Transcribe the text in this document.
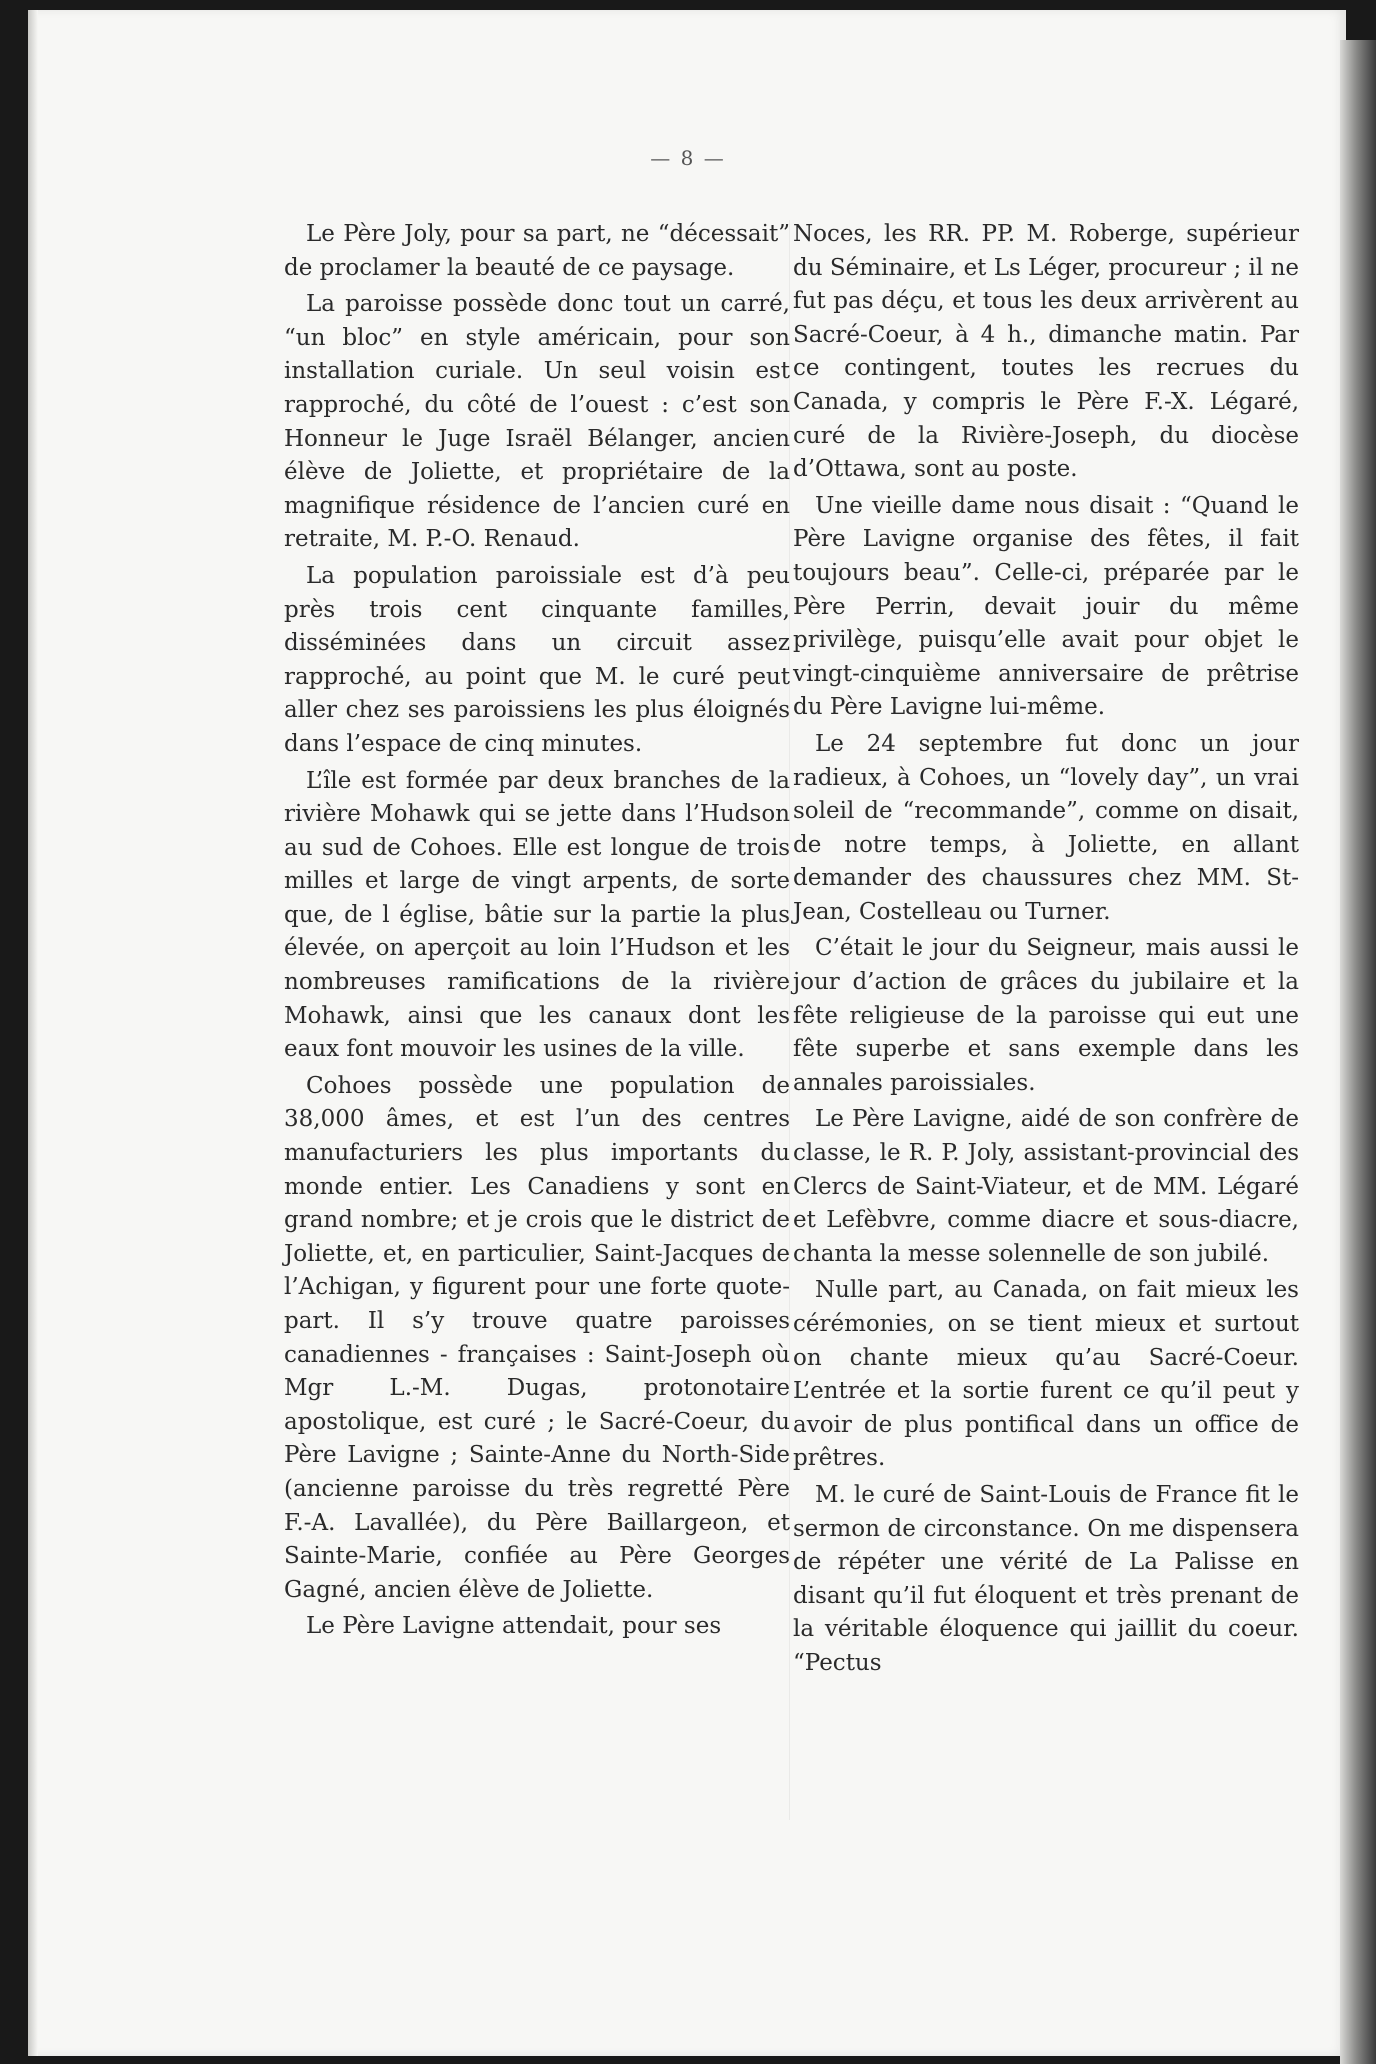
— 8 —

Le Père Joly, pour sa part, ne “décessait” de proclamer la beauté de ce paysage.

La paroisse possède donc tout un carré, “un bloc” en style américain, pour son installation curiale. Un seul voisin est rapproché, du côté de l’ouest : c’est son Honneur le Juge Israël Bélanger, ancien élève de Joliette, et propriétaire de la magnifique résidence de l’ancien curé en retraite, M. P.-O. Renaud.

La population paroissiale est d’à peu près trois cent cinquante familles, disséminées dans un circuit assez rapproché, au point que M. le curé peut aller chez ses paroissiens les plus éloignés dans l’espace de cinq minutes.

L’île est formée par deux branches de la rivière Mohawk qui se jette dans l’Hudson au sud de Cohoes. Elle est longue de trois milles et large de vingt arpents, de sorte que, de l église, bâtie sur la partie la plus élevée, on aperçoit au loin l’Hudson et les nombreuses ramifications de la rivière Mohawk, ainsi que les canaux dont les eaux font mouvoir les usines de la ville.

Cohoes possède une population de 38,000 âmes, et est l’un des centres manufacturiers les plus importants du monde entier. Les Canadiens y sont en grand nombre; et je crois que le district de Joliette, et, en particulier, Saint-Jacques de l’Achigan, y figurent pour une forte quote-part. Il s’y trouve quatre paroisses canadiennes - françaises : Saint-Joseph où Mgr L.-M. Dugas, protonotaire apostolique, est curé ; le Sacré-Coeur, du Père Lavigne ; Sainte-Anne du North-Side (ancienne paroisse du très regretté Père F.-A. Lavallée), du Père Baillargeon, et Sainte-Marie, confiée au Père Georges Gagné, ancien élève de Joliette.

Le Père Lavigne attendait, pour ses

Noces, les RR. PP. M. Roberge, supérieur du Séminaire, et Ls Léger, procureur ; il ne fut pas déçu, et tous les deux arrivèrent au Sacré-Coeur, à 4 h., dimanche matin. Par ce contingent, toutes les recrues du Canada, y compris le Père F.-X. Légaré, curé de la Rivière-Joseph, du diocèse d’Ottawa, sont au poste.

Une vieille dame nous disait : “Quand le Père Lavigne organise des fêtes, il fait toujours beau”. Celle-ci, préparée par le Père Perrin, devait jouir du même privilège, puisqu’elle avait pour objet le vingt-cinquième anniversaire de prêtrise du Père Lavigne lui-même.

Le 24 septembre fut donc un jour radieux, à Cohoes, un “lovely day”, un vrai soleil de “recommande”, comme on disait, de notre temps, à Joliette, en allant demander des chaussures chez MM. St-Jean, Costelleau ou Turner.

C’était le jour du Seigneur, mais aussi le jour d’action de grâces du jubilaire et la fête religieuse de la paroisse qui eut une fête superbe et sans exemple dans les annales paroissiales.

Le Père Lavigne, aidé de son confrère de classe, le R. P. Joly, assistant-provincial des Clercs de Saint-Viateur, et de MM. Légaré et Lefèbvre, comme diacre et sous-diacre, chanta la messe solennelle de son jubilé.

Nulle part, au Canada, on fait mieux les cérémonies, on se tient mieux et surtout on chante mieux qu’au Sacré-Coeur. L’entrée et la sortie furent ce qu’il peut y avoir de plus pontifical dans un office de prêtres.

M. le curé de Saint-Louis de France fit le sermon de circonstance. On me dispensera de répéter une vérité de La Palisse en disant qu’il fut éloquent et très prenant de la véritable éloquence qui jaillit du coeur. “Pectus
